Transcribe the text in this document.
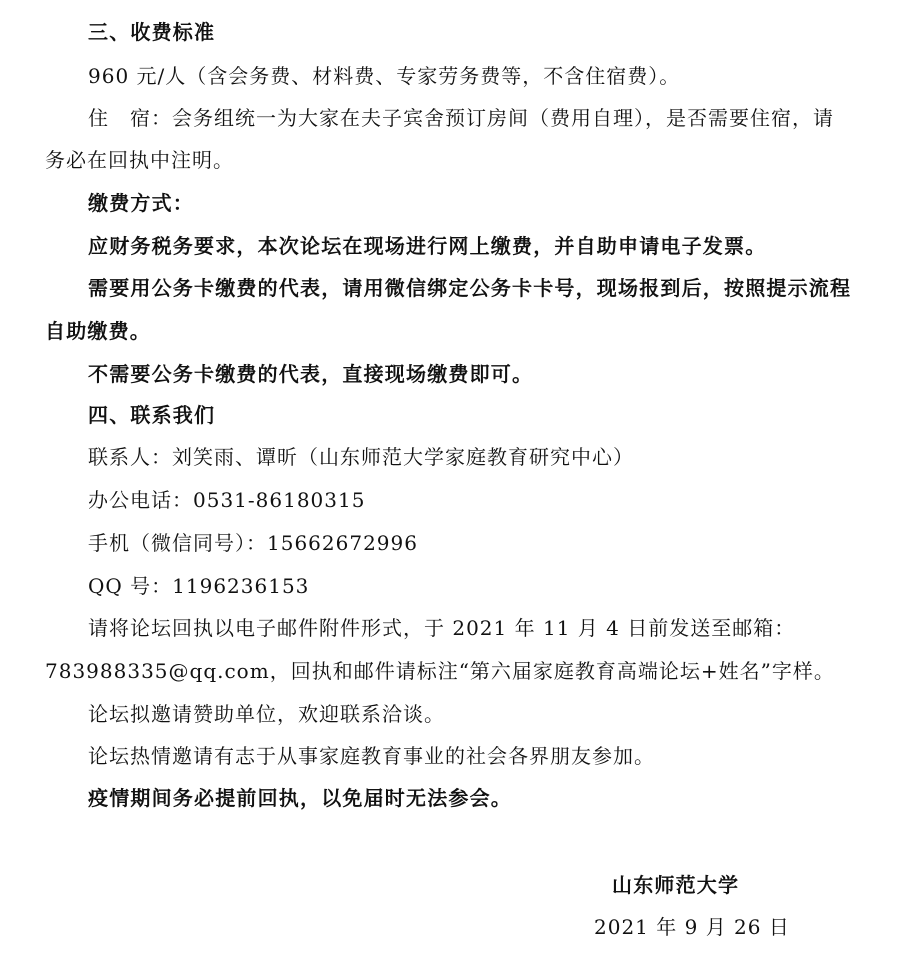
三、收费标准
960 元/人（含会务费、材料费、专家劳务费等，不含住宿费）。
住　宿：会务组统一为大家在夫子宾舍预订房间（费用自理），是否需要住宿，请
务必在回执中注明。
缴费方式：
应财务税务要求，本次论坛在现场进行网上缴费，并自助申请电子发票。
需要用公务卡缴费的代表，请用微信绑定公务卡卡号，现场报到后，按照提示流程
自助缴费。
不需要公务卡缴费的代表，直接现场缴费即可。
四、联系我们
联系人：刘笑雨、谭昕（山东师范大学家庭教育研究中心）
办公电话：0531-86180315
手机（微信同号）：15662672996
QQ 号：1196236153
请将论坛回执以电子邮件附件形式，于 2021 年 11 月 4 日前发送至邮箱：
783988335@qq.com，回执和邮件请标注“第六届家庭教育高端论坛+姓名”字样。
论坛拟邀请赞助单位，欢迎联系洽谈。
论坛热情邀请有志于从事家庭教育事业的社会各界朋友参加。
疫情期间务必提前回执，以免届时无法参会。
山东师范大学
2021 年 9 月 26 日
